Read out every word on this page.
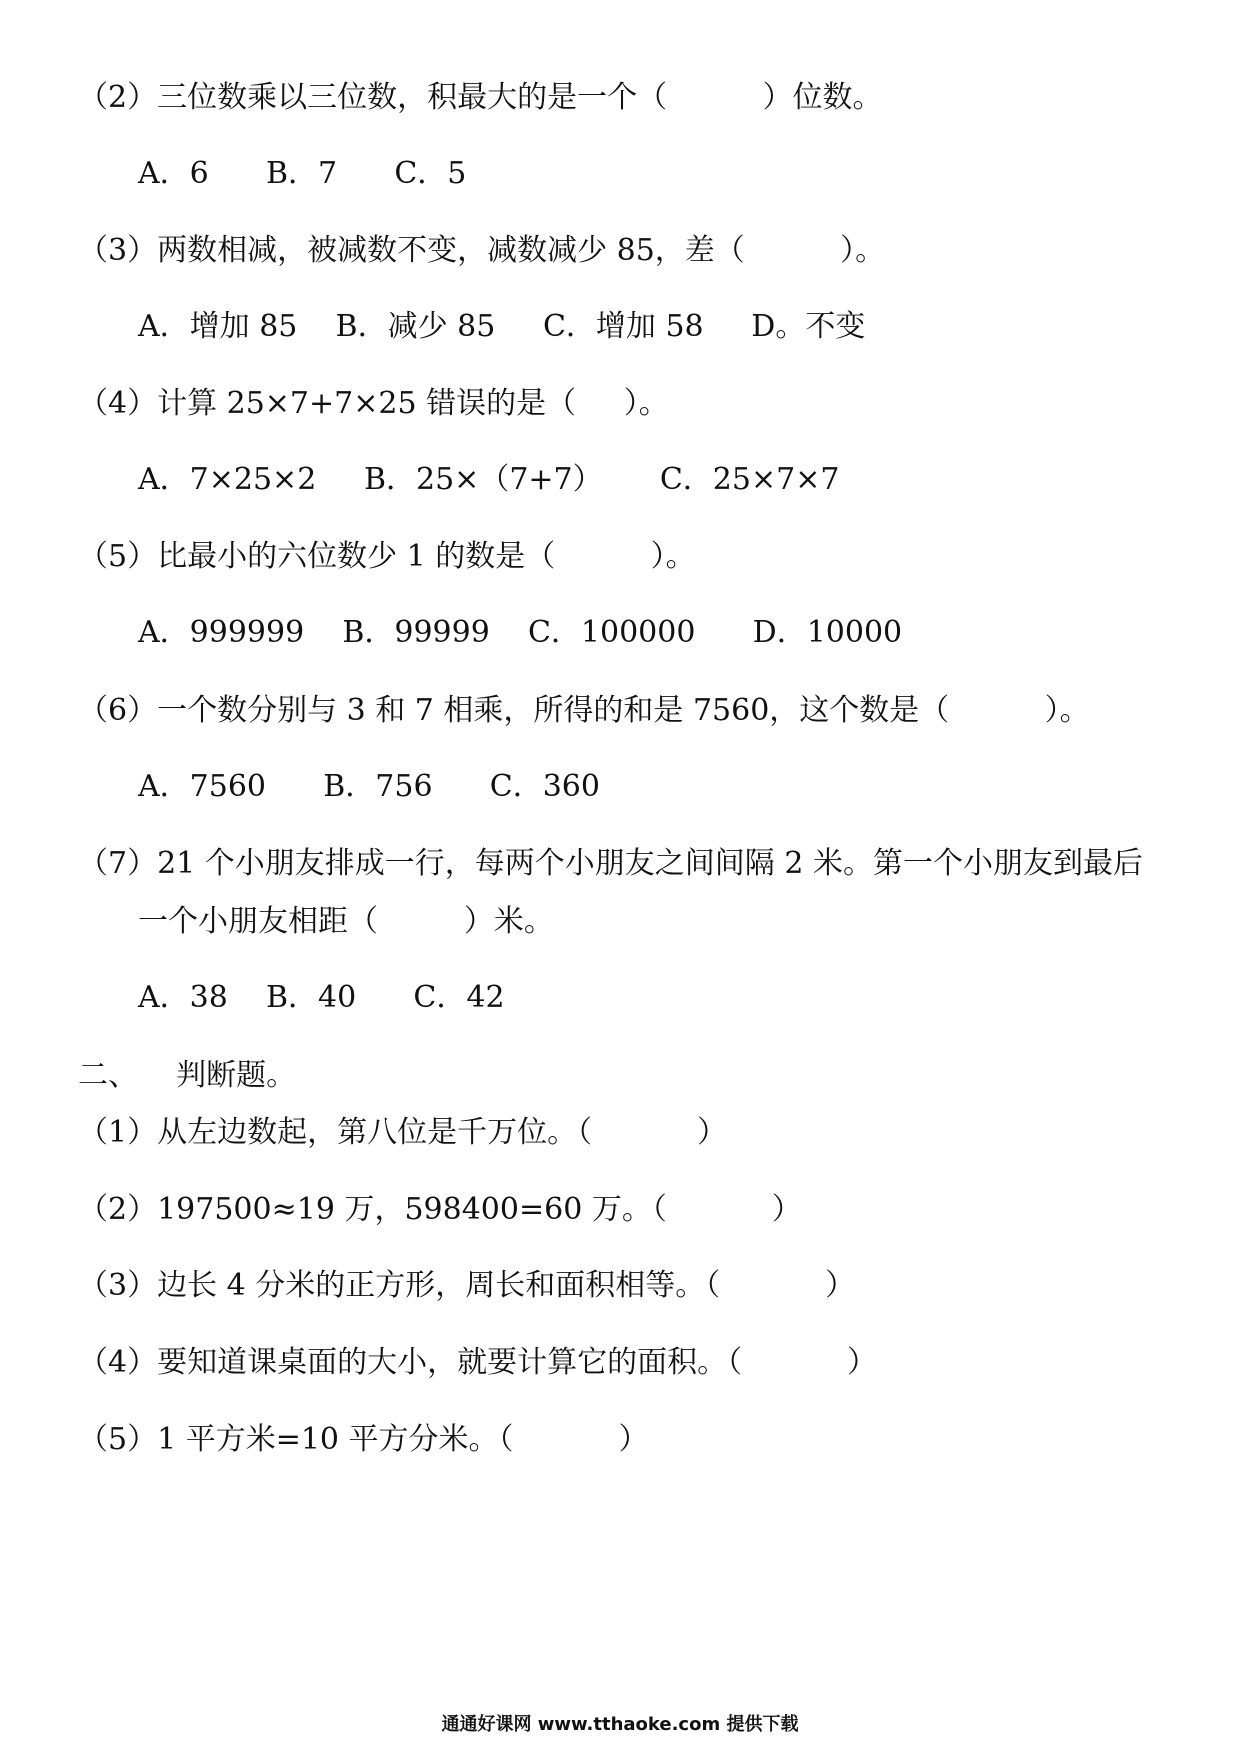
（2）三位数乘以三位数，积最大的是一个（          ）位数。
A．6      B．7      C．5
（3）两数相减，被减数不变，减数减少 85，差（          ）。
A．增加 85    B．减少 85     C．增加 58     D。不变
（4）计算 25×7+7×25 错误的是（     ）。
A．7×25×2     B．25×（7+7）      C．25×7×7
（5）比最小的六位数少 1 的数是（          ）。
A．999999    B．99999    C．100000      D．10000
（6）一个数分别与 3 和 7 相乘，所得的和是 7560，这个数是（          ）。
A．7560      B．756      C．360
（7）21 个小朋友排成一行，每两个小朋友之间间隔 2 米。第一个小朋友到最后
一个小朋友相距（         ）米。
A．38    B．40      C．42
二、    判断题。
（1）从左边数起，第八位是千万位。（           ）
（2）197500≈19 万，598400=60 万。（           ）
（3）边长 4 分米的正方形，周长和面积相等。（           ）
（4）要知道课桌面的大小，就要计算它的面积。（           ）
（5）1 平方米=10 平方分米。（           ）
通通好课网 www.tthaoke.com 提供下载
